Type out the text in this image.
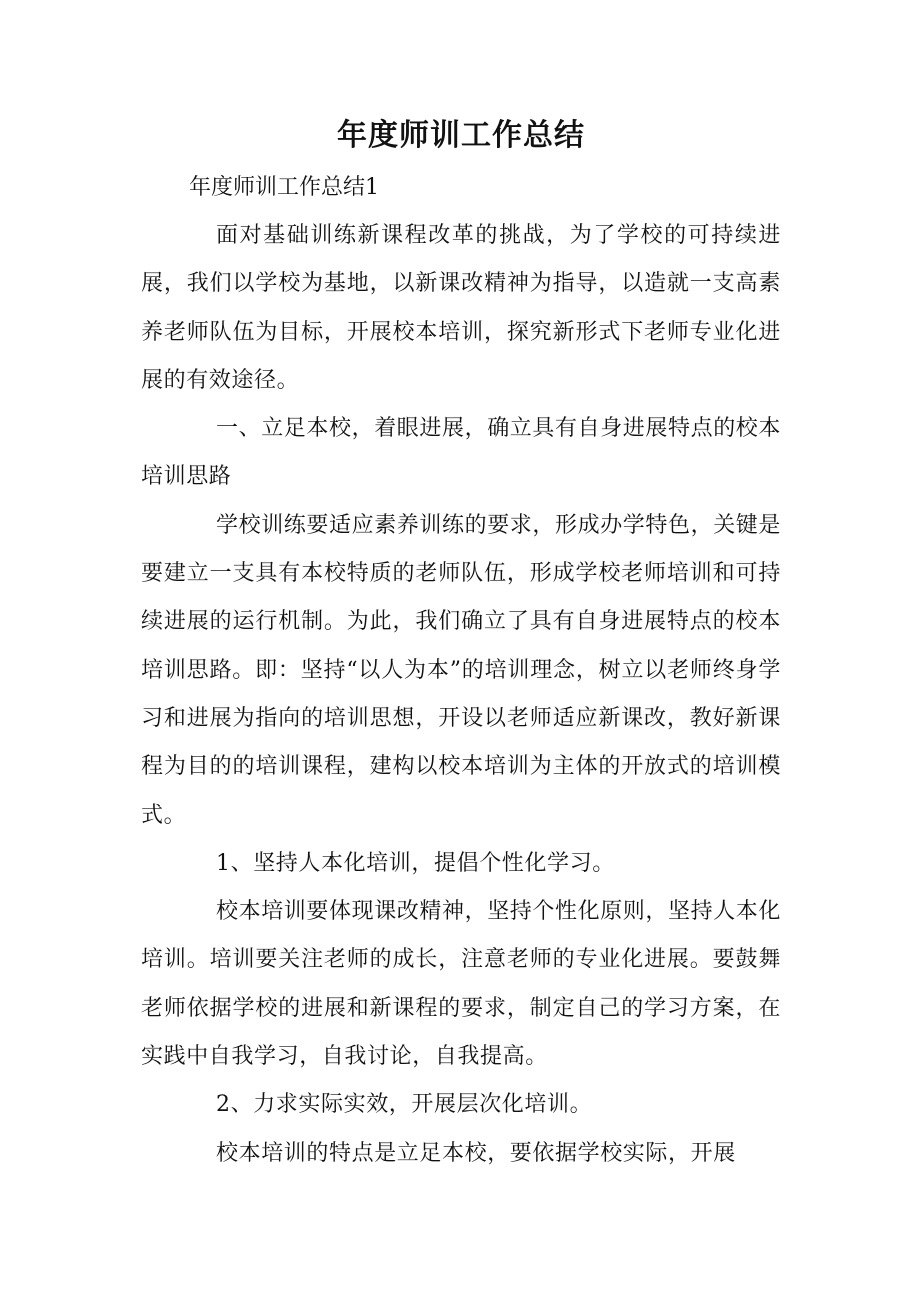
年度师训工作总结

年度师训工作总结1

面对基础训练新课程改革的挑战，为了学校的可持续进展，我们以学校为基地，以新课改精神为指导，以造就一支高素养老师队伍为目标，开展校本培训，探究新形式下老师专业化进展的有效途径。

一、立足本校，着眼进展，确立具有自身进展特点的校本培训思路

学校训练要适应素养训练的要求，形成办学特色，关键是要建立一支具有本校特质的老师队伍，形成学校老师培训和可持续进展的运行机制。为此，我们确立了具有自身进展特点的校本培训思路。即：坚持“以人为本”的培训理念，树立以老师终身学习和进展为指向的培训思想，开设以老师适应新课改，教好新课程为目的的培训课程，建构以校本培训为主体的开放式的培训模式。

1、坚持人本化培训，提倡个性化学习。

校本培训要体现课改精神，坚持个性化原则，坚持人本化培训。培训要关注老师的成长，注意老师的专业化进展。要鼓舞老师依据学校的进展和新课程的要求，制定自己的学习方案，在实践中自我学习，自我讨论，自我提高。

2、力求实际实效，开展层次化培训。

校本培训的特点是立足本校，要依据学校实际，开展
